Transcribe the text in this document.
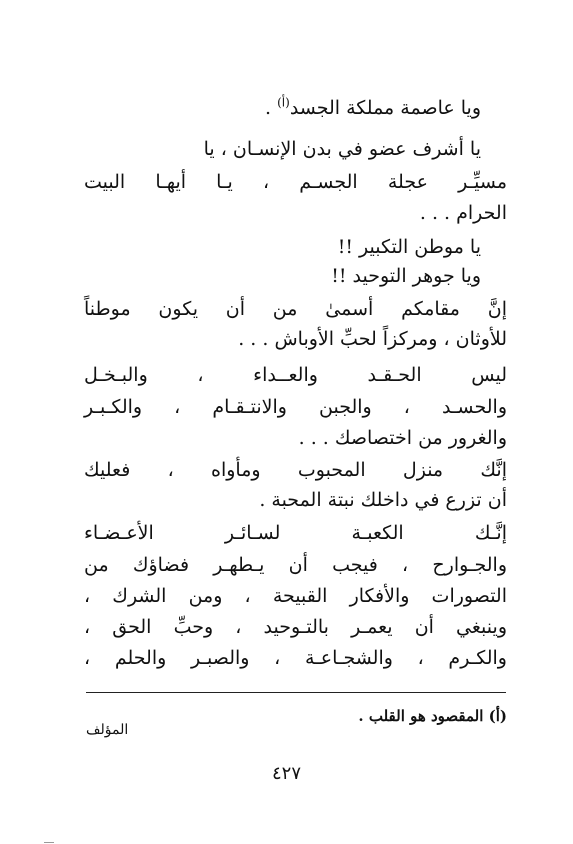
ويا عاصمة مملكة الجسد$^{(أ)}$ .
يا أشرف عضو في بدن الإنسـان ، يا
مسيِّـر عجلة الجسـم ، يـا أيهـا البيت
الحرام . . .
يا موطن التكبير !!
ويا جوهر التوحيد !!
إنَّ مقامكم أسمىٰ من أن يكون موطناً
للأوثان ، ومركزاً لحبِّ الأوباش . . .
ليس الحـقـد والعــداء ، والبـخـل
والحسـد ، والجبن والانتـقـام ، والكـبـر
والغرور من اختصاصك . . .
إنَّك منزل المحبوب ومأواه ، فعليك
أن تزرع في داخلك نبتة المحبة .
إنَّـك الكعبـة لسـائـر الأعـضـاء
والجـوارح ، فيجب أن يـطهـر فضاؤك من
التصورات والأفكار القبيحة ، ومن الشرك ،
وينبغي أن يعمـر بالتـوحيد ، وحبِّ الحق ،
والكـرم ، والشجـاعـة ، والصبـر والحلم ،
(أ) المقصود هو القلب .
المؤلف
٤٢٧
